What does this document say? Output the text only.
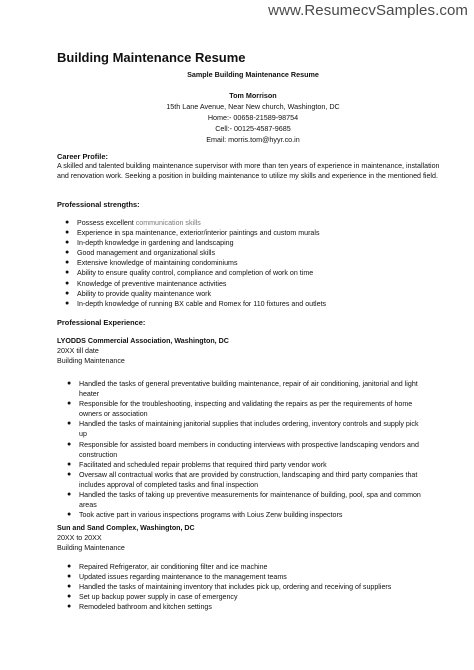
www.ResumecvSamples.com
Building Maintenance Resume
Sample Building Maintenance Resume
Tom Morrison
15th Lane Avenue, Near New church, Washington, DC
Home:- 00658-21589-98754
Cell:- 00125-4587-9685
Email: morris.tom@hyyr.co.in
Career Profile:
A skilled and talented building maintenance supervisor with more than ten years of experience in maintenance, installation and renovation work. Seeking a position in building maintenance to utilize my skills and experience in the mentioned field.
Professional strengths:
● Possess excellent communication skills
● Experience in spa maintenance, exterior/interior paintings and custom murals
● In-depth knowledge in gardening and landscaping
● Good management and organizational skills
● Extensive knowledge of maintaining condominiums
● Ability to ensure quality control, compliance and completion of work on time
● Knowledge of preventive maintenance activities
● Ability to provide quality maintenance work
● In-depth knowledge of running BX cable and Romex for 110 fixtures and outlets
Professional Experience:
LYODDS Commercial Association, Washington, DC
20XX till date
Building Maintenance
● Handled the tasks of general preventative building maintenance, repair of air conditioning, janitorial and light heater
● Responsible for the troubleshooting, inspecting and validating the repairs as per the requirements of home owners or association
● Handled the tasks of maintaining janitorial supplies that includes ordering, inventory controls and supply pick up
● Responsible for assisted board members in conducting interviews with prospective landscaping vendors and construction
● Facilitated and scheduled repair problems that required third party vendor work
● Oversaw all contractual works that are provided by construction, landscaping and third party companies that includes approval of completed tasks and final inspection
● Handled the tasks of taking up preventive measurements for maintenance of building, pool, spa and common areas
● Took active part in various inspections programs with Loius Zerw building inspectors
Sun and Sand Complex, Washington, DC
20XX to 20XX
Building Maintenance
● Repaired Refrigerator, air conditioning filter and ice machine
● Updated issues regarding maintenance to the management teams
● Handled the tasks of maintaining inventory that includes pick up, ordering and receiving of suppliers
● Set up backup power supply in case of emergency
● Remodeled bathroom and kitchen settings
